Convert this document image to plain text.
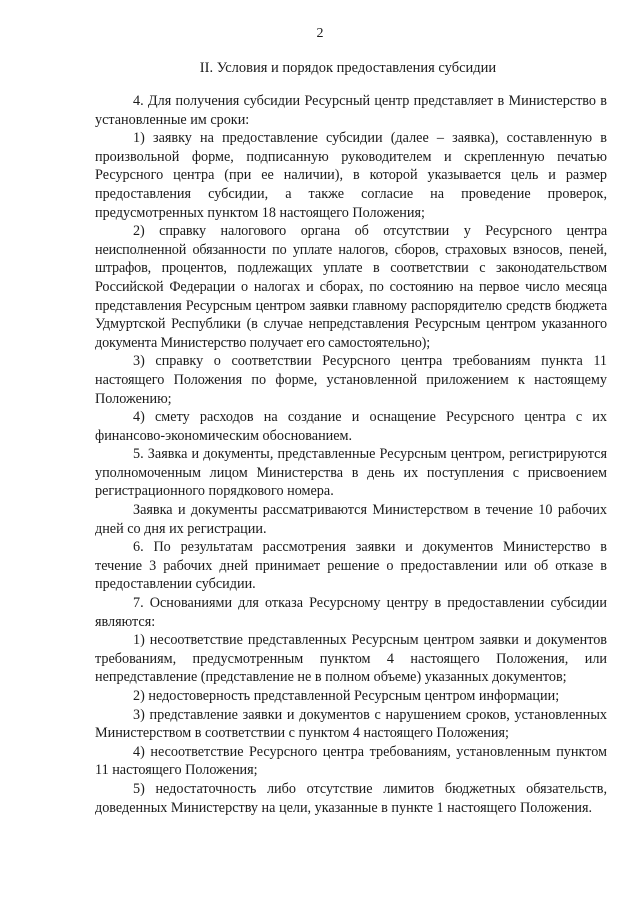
2
II. Условия и порядок предоставления субсидии

4. Для получения субсидии Ресурсный центр представляет в Министерство в установленные им сроки:

1) заявку на предоставление субсидии (далее – заявка), составленную в произвольной форме, подписанную руководителем и скрепленную печатью Ресурсного центра (при ее наличии), в которой указывается цель и размер предоставления субсидии, а также согласие на проведение проверок, предусмотренных пунктом 18 настоящего Положения;

2) справку налогового органа об отсутствии у Ресурсного центра неисполненной обязанности по уплате налогов, сборов, страховых взносов, пеней, штрафов, процентов, подлежащих уплате в соответствии с законодательством Российской Федерации о налогах и сборах, по состоянию на первое число месяца представления Ресурсным центром заявки главному распорядителю средств бюджета Удмуртской Республики (в случае непредставления Ресурсным центром указанного документа Министерство получает его самостоятельно);

3) справку о соответствии Ресурсного центра требованиям пункта 11 настоящего Положения по форме, установленной приложением к настоящему Положению;

4) смету расходов на создание и оснащение Ресурсного центра с их финансово-экономическим обоснованием.

5. Заявка и документы, представленные Ресурсным центром, регистрируются уполномоченным лицом Министерства в день их поступления с присвоением регистрационного порядкового номера.

Заявка и документы рассматриваются Министерством в течение 10 рабочих дней со дня их регистрации.

6. По результатам рассмотрения заявки и документов Министерство в течение 3 рабочих дней принимает решение о предоставлении или об отказе в предоставлении субсидии.

7. Основаниями для отказа Ресурсному центру в предоставлении субсидии являются:

1) несоответствие представленных Ресурсным центром заявки и документов требованиям, предусмотренным пунктом 4 настоящего Положения, или непредставление (представление не в полном объеме) указанных документов;

2) недостоверность представленной Ресурсным центром информации;

3) представление заявки и документов с нарушением сроков, установленных Министерством в соответствии с пунктом 4 настоящего Положения;

4) несоответствие Ресурсного центра требованиям, установленным пунктом 11 настоящего Положения;

5) недостаточность либо отсутствие лимитов бюджетных обязательств, доведенных Министерству на цели, указанные в пункте 1 настоящего Положения.
